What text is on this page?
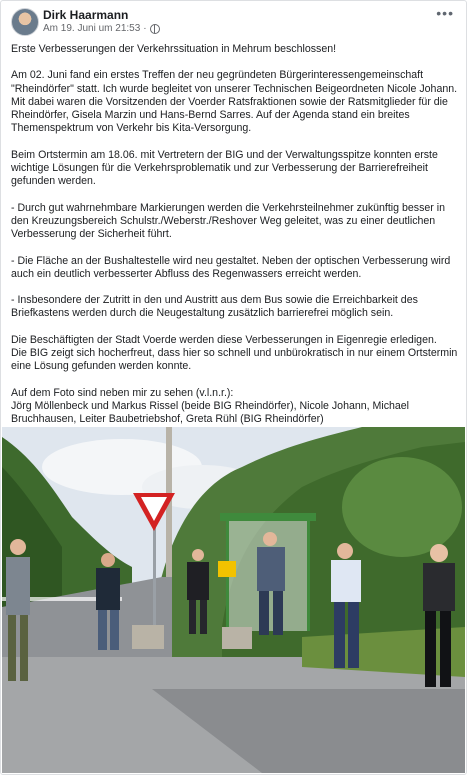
Dirk Haarmann
Am 19. Juni um 21:53 ·
•••

Erste Verbesserungen der Verkehrssituation in Mehrum beschlossen!

Am 02. Juni fand ein erstes Treffen der neu gegründeten Bürgerinteressengemeinschaft "Rheindörfer" statt. Ich wurde begleitet von unserer Technischen Beigeordneten Nicole Johann. Mit dabei waren die Vorsitzenden der Voerder Ratsfraktionen sowie der Ratsmitglieder für die Rheindörfer, Gisela Marzin und Hans-Bernd Sarres. Auf der Agenda stand ein breites Themenspektrum von Verkehr bis Kita-Versorgung.

Beim Ortstermin am 18.06. mit Vertretern der BIG und der Verwaltungsspitze konnten erste wichtige Lösungen für die Verkehrsproblematik und zur Verbesserung der Barrierefreiheit gefunden werden.

- Durch gut wahrnehmbare Markierungen werden die Verkehrsteilnehmer zukünftig besser in den Kreuzungsbereich Schulstr./Weberstr./Reshover Weg geleitet, was zu einer deutlichen Verbesserung der Sicherheit führt.

- Die Fläche an der Bushaltestelle wird neu gestaltet. Neben der optischen Verbesserung wird auch ein deutlich verbesserter Abfluss des Regenwassers erreicht werden.

- Insbesondere der Zutritt in den und Austritt aus dem Bus sowie die Erreichbarkeit des Briefkastens werden durch die Neugestaltung zusätzlich barrierefrei möglich sein.

Die Beschäftigten der Stadt Voerde werden diese Verbesserungen in Eigenregie erledigen.
Die BIG zeigt sich hocherfreut, dass hier so schnell und unbürokratisch in nur einem Ortstermin eine Lösung gefunden werden konnte.

Auf dem Foto sind neben mir zu sehen (v.l.n.r.):
Jörg Möllenbeck und Markus Rissel (beide BIG Rheindörfer), Nicole Johann, Michael Bruchhausen, Leiter Baubetriebshof, Greta Rühl (BIG Rheindörfer)
